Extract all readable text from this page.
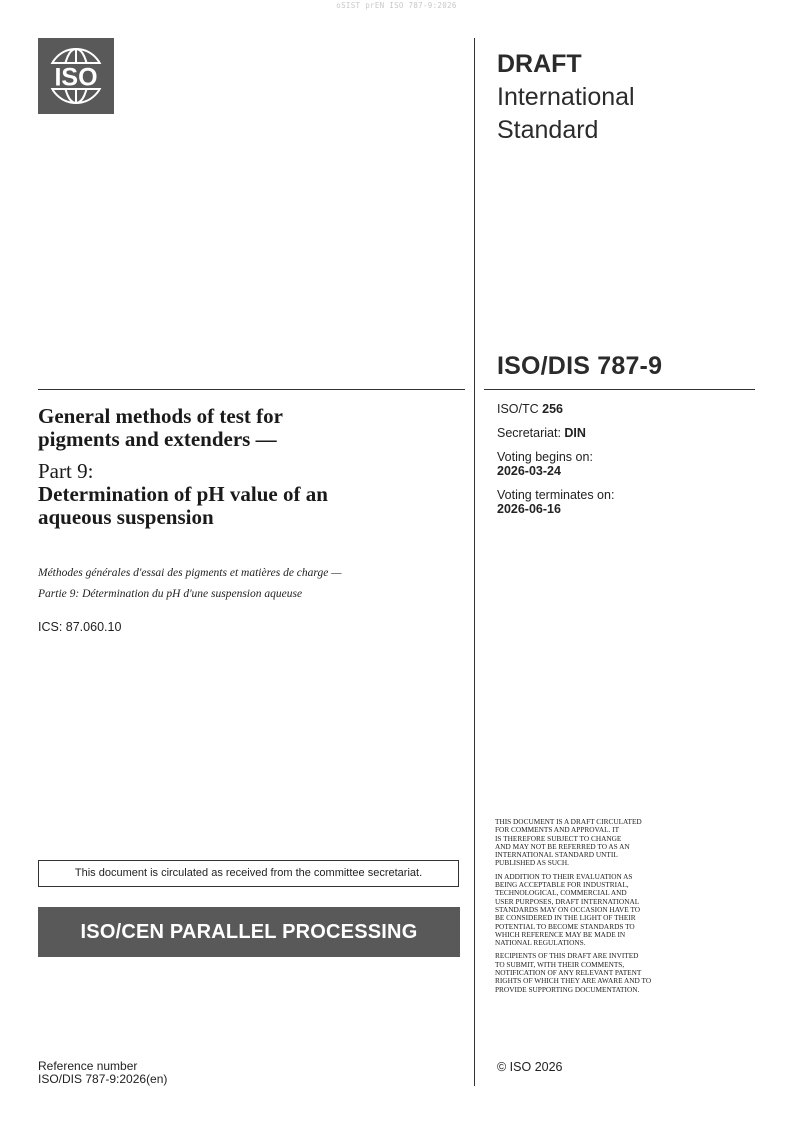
oSIST prEN ISO 787-9:2026
ISO	DRAFT
International
Standard
ISO/DIS 787-9
General methods of test for
pigments and extenders —
Part 9:
Determination of pH value of an
aqueous suspension
Méthodes générales d'essai des pigments et matières de charge —
Partie 9: Détermination du pH d'une suspension aqueuse
ICS: 87.060.10
ISO/TC 256
Secretariat: DIN
Voting begins on:
2026-03-24
Voting terminates on:
2026-06-16
This document is circulated as received from the committee secretariat.
ISO/CEN PARALLEL PROCESSING

THIS DOCUMENT IS A DRAFT CIRCULATED
FOR COMMENTS AND APPROVAL. IT
IS THEREFORE SUBJECT TO CHANGE
AND MAY NOT BE REFERRED TO AS AN
INTERNATIONAL STANDARD UNTIL
PUBLISHED AS SUCH.

IN ADDITION TO THEIR EVALUATION AS
BEING ACCEPTABLE FOR INDUSTRIAL,
TECHNOLOGICAL, COMMERCIAL AND
USER PURPOSES, DRAFT INTERNATIONAL
STANDARDS MAY ON OCCASION HAVE TO
BE CONSIDERED IN THE LIGHT OF THEIR
POTENTIAL TO BECOME STANDARDS TO
WHICH REFERENCE MAY BE MADE IN
NATIONAL REGULATIONS.

RECIPIENTS OF THIS DRAFT ARE INVITED
TO SUBMIT, WITH THEIR COMMENTS,
NOTIFICATION OF ANY RELEVANT PATENT
RIGHTS OF WHICH THEY ARE AWARE AND TO
PROVIDE SUPPORTING DOCUMENTATION.

© ISO 2026
Reference number
ISO/DIS 787-9:2026(en)
